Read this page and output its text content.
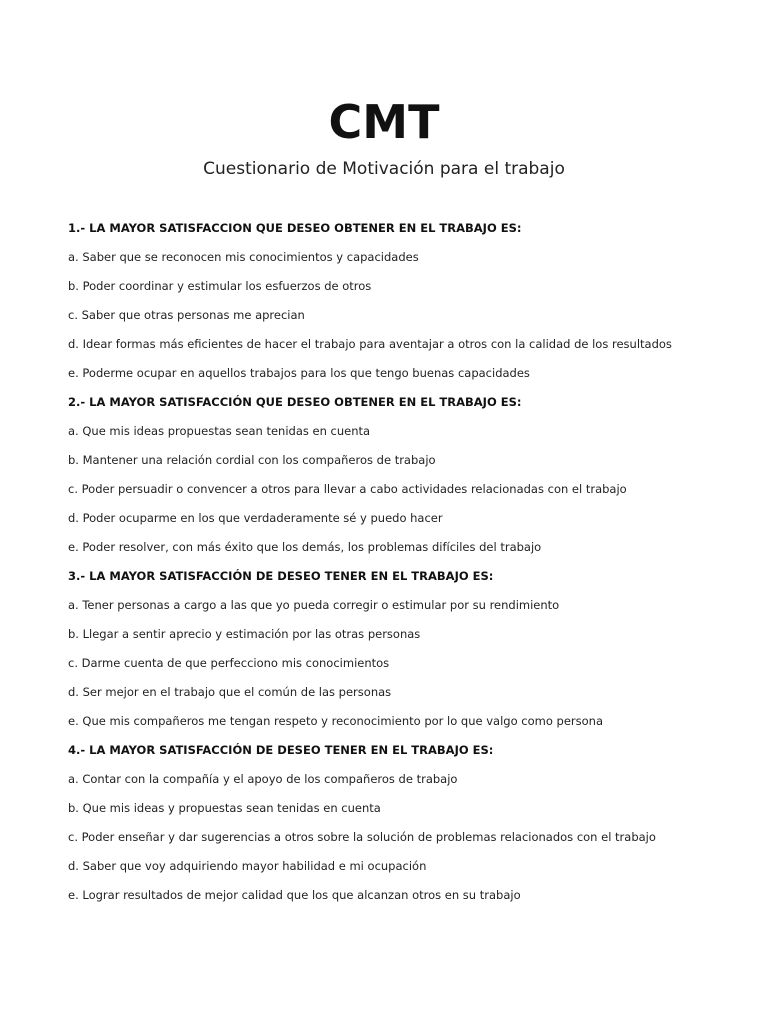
CMT
Cuestionario de Motivación para el trabajo
1.- LA MAYOR SATISFACCION QUE DESEO OBTENER EN EL TRABAJO ES:
a. Saber que se reconocen mis conocimientos y capacidades
b. Poder coordinar y estimular los esfuerzos de otros
c. Saber que otras personas me aprecian
d. Idear formas más eficientes de hacer el trabajo para aventajar a otros con la calidad de los resultados
e. Poderme ocupar en aquellos trabajos para los que tengo buenas capacidades
2.- LA MAYOR SATISFACCIÓN QUE DESEO OBTENER EN EL TRABAJO ES:
a. Que mis ideas propuestas sean tenidas en cuenta
b. Mantener una relación cordial con los compañeros de trabajo
c. Poder persuadir o convencer a otros para llevar a cabo actividades relacionadas con el trabajo
d. Poder ocuparme en los que verdaderamente sé y puedo hacer
e. Poder resolver, con más éxito que los demás, los problemas difíciles del trabajo
3.- LA MAYOR SATISFACCIÓN DE DESEO TENER EN EL TRABAJO ES:
a. Tener personas a cargo a las que yo pueda corregir o estimular por su rendimiento
b. Llegar a sentir aprecio y estimación por las otras personas
c. Darme cuenta de que perfecciono mis conocimientos
d. Ser mejor en el trabajo que el común de las personas
e. Que mis compañeros me tengan respeto y reconocimiento por lo que valgo como persona
4.- LA MAYOR SATISFACCIÓN DE DESEO TENER EN EL TRABAJO ES:
a. Contar con la compañía y el apoyo de los compañeros de trabajo
b. Que mis ideas y propuestas sean tenidas en cuenta
c. Poder enseñar y dar sugerencias a otros sobre la solución de problemas relacionados con el trabajo
d. Saber que voy adquiriendo mayor habilidad e mi ocupación
e. Lograr resultados de mejor calidad que los que alcanzan otros en su trabajo
